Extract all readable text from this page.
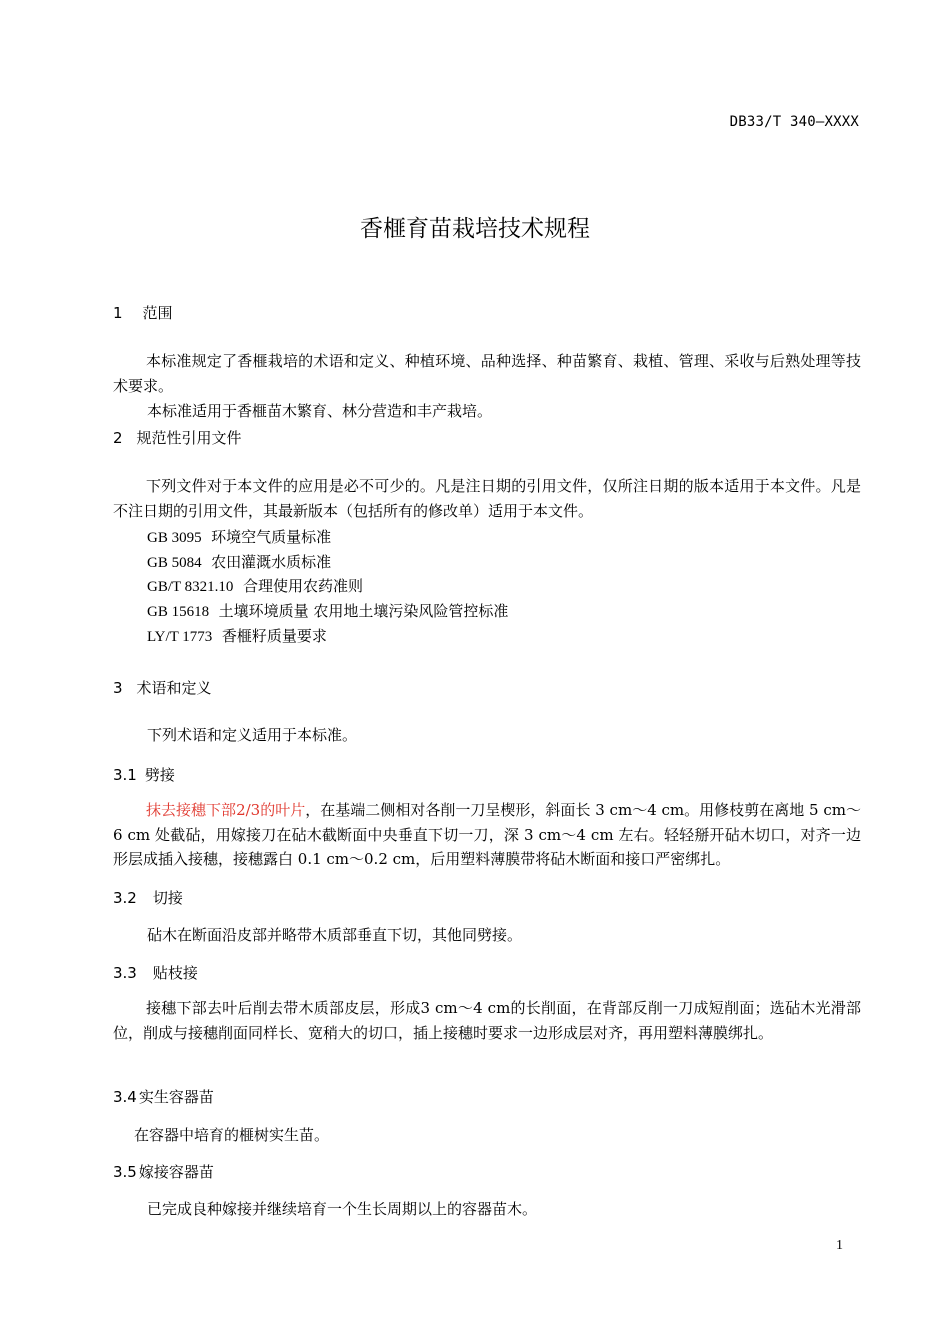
DB33/T 340—XXXX
香榧育苗栽培技术规程
1 范围
本标准规定了香榧栽培的术语和定义、种植环境、品种选择、种苗繁育、栽植、管理、采收与后熟处理等技术要求。
本标准适用于香榧苗木繁育、林分营造和丰产栽培。
2 规范性引用文件
下列文件对于本文件的应用是必不可少的。凡是注日期的引用文件，仅所注日期的版本适用于本文件。凡是不注日期的引用文件，其最新版本（包括所有的修改单）适用于本文件。
GB 3095 环境空气质量标准
GB 5084 农田灌溉水质标准
GB/T 8321.10 合理使用农药准则
GB 15618 土壤环境质量 农用地土壤污染风险管控标准
LY/T 1773 香榧籽质量要求
3 术语和定义
下列术语和定义适用于本标准。
3.1 劈接
抹去接穗下部2/3的叶片，在基端二侧相对各削一刀呈楔形，斜面长 3 cm～4 cm。用修枝剪在离地 5 cm～6 cm 处截砧，用嫁接刀在砧木截断面中央垂直下切一刀，深 3 cm～4 cm 左右。轻轻掰开砧木切口，对齐一边形层成插入接穗，接穗露白 0.1 cm～0.2 cm，后用塑料薄膜带将砧木断面和接口严密绑扎。
3.2 切接
砧木在断面沿皮部并略带木质部垂直下切，其他同劈接。
3.3 贴枝接
接穗下部去叶后削去带木质部皮层，形成3 cm～4 cm的长削面，在背部反削一刀成短削面；选砧木光滑部位，削成与接穗削面同样长、宽稍大的切口，插上接穗时要求一边形成层对齐，再用塑料薄膜绑扎。
3.4 实生容器苗
在容器中培育的榧树实生苗。
3.5 嫁接容器苗
已完成良种嫁接并继续培育一个生长周期以上的容器苗木。
1
